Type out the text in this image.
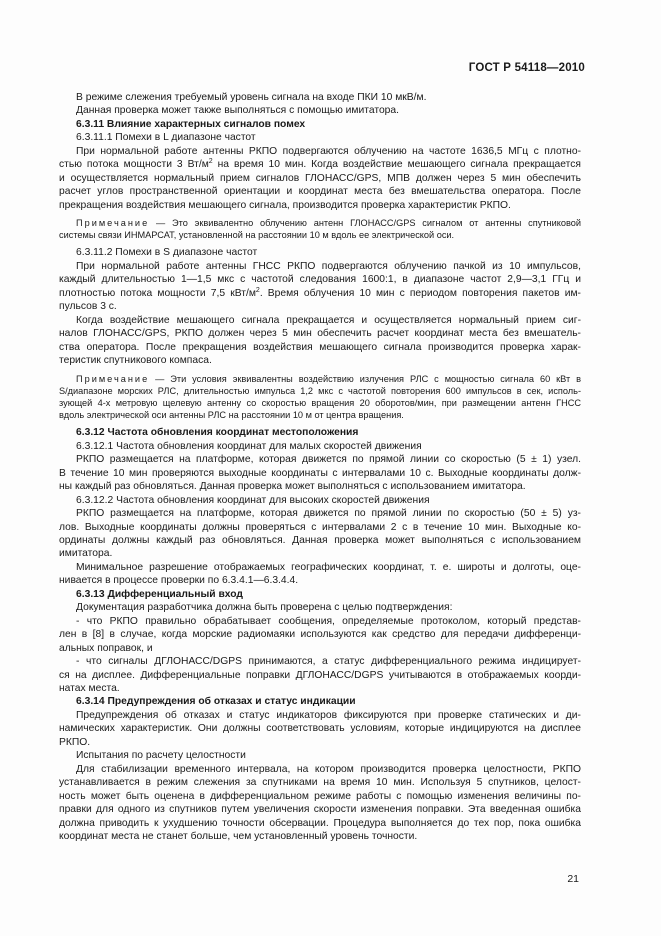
ГОСТ Р 54118—2010

В режиме слежения требуемый уровень сигнала на входе ПКИ 10 мкВ/м.

Данная проверка может также выполняться с помощью имитатора.

6.3.11 Влияние характерных сигналов помех

6.3.11.1 Помехи в L диапазоне частот

При нормальной работе антенны РКПО подвергаются облучению на частоте 1636,5 МГц с плотно-

стью потока мощности 3 $Вт/м^2$ на время 10 мин. Когда воздействие мешающего сигнала прекращается

и осуществляется нормальный прием сигналов ГЛОНАСС/GPS, МПВ должен через 5 мин обеспечить

расчет углов пространственной ориентации и координат места без вмешательства оператора. После

прекращения воздействия мешающего сигнала, производится проверка характеристик РКПО.

Примечание — Это эквивалентно облучению антенн ГЛОНАСС/GPS сигналом от антенны спутниковой

системы связи ИНМАРСАТ, установленной на расстоянии 10 м вдоль ее электрической оси.

6.3.11.2 Помехи в S диапазоне частот

При нормальной работе антенны ГНСС РКПО подвергаются облучению пачкой из 10 импульсов,

каждый длительностью 1—1,5 мкс с частотой следования 1600:1, в диапазоне частот 2,9—3,1 ГГц и

плотностью потока мощности 7,5 кВт/$м^2$. Время облучения 10 мин с периодом повторения пакетов им-

пульсов 3 с.

Когда воздействие мешающего сигнала прекращается и осуществляется нормальный прием сиг-

налов ГЛОНАСС/GPS, РКПО должен через 5 мин обеспечить расчет координат места без вмешатель-

ства оператора. После прекращения воздействия мешающего сигнала производится проверка харак-

теристик спутникового компаса.

Примечание — Эти условия эквивалентны воздействию излучения РЛС с мощностью сигнала 60 кВт в

S/диапазоне морских РЛС, длительностью импульса 1,2 мкс с частотой повторения 600 импульсов в сек, исполь-

зующей 4-х метровую щелевую антенну со скоростью вращения 20 оборотов/мин, при размещении антенн ГНСС

вдоль электрической оси антенны РЛС на расстоянии 10 м от центра вращения.

6.3.12 Частота обновления координат местоположения

6.3.12.1 Частота обновления координат для малых скоростей движения

РКПО размещается на платформе, которая движется по прямой линии со скоростью (5 ± 1) узел.

В течение 10 мин проверяются выходные координаты с интервалами 10 с. Выходные координаты долж-

ны каждый раз обновляться. Данная проверка может выполняться с использованием имитатора.

6.3.12.2 Частота обновления координат для высоких скоростей движения

РКПО размещается на платформе, которая движется по прямой линии по скоростью (50 ± 5) уз-

лов. Выходные координаты должны проверяться с интервалами 2 с в течение 10 мин. Выходные ко-

ординаты должны каждый раз обновляться. Данная проверка может выполняться с использованием

имитатора.

Минимальное разрешение отображаемых географических координат, т. е. широты и долготы, оце-

нивается в процессе проверки по 6.3.4.1—6.3.4.4.

6.3.13 Дифференциальный вход

Документация разработчика должна быть проверена с целью подтверждения:

- что РКПО правильно обрабатывает сообщения, определяемые протоколом, который представ-

лен в [8] в случае, когда морские радиомаяки используются как средство для передачи дифференци-

альных поправок, и

- что сигналы ДГЛОНАСС/DGPS принимаются, а статус дифференциального режима индицирует-

ся на дисплее. Дифференциальные поправки ДГЛОНАСС/DGPS учитываются в отображаемых коорди-

натах места.

6.3.14 Предупреждения об отказах и статус индикации

Предупреждения об отказах и статус индикаторов фиксируются при проверке статических и ди-

намических характеристик. Они должны соответствовать условиям, которые индицируются на дисплее

РКПО.

Испытания по расчету целостности

Для стабилизации временного интервала, на котором производится проверка целостности, РКПО

устанавливается в режим слежения за спутниками на время 10 мин. Используя 5 спутников, целост-

ность может быть оценена в дифференциальном режиме работы с помощью изменения величины по-

правки для одного из спутников путем увеличения скорости изменения поправки. Эта введенная ошибка

должна приводить к ухудшению точности обсервации. Процедура выполняется до тех пор, пока ошибка

координат места не станет больше, чем установленный уровень точности.

21
